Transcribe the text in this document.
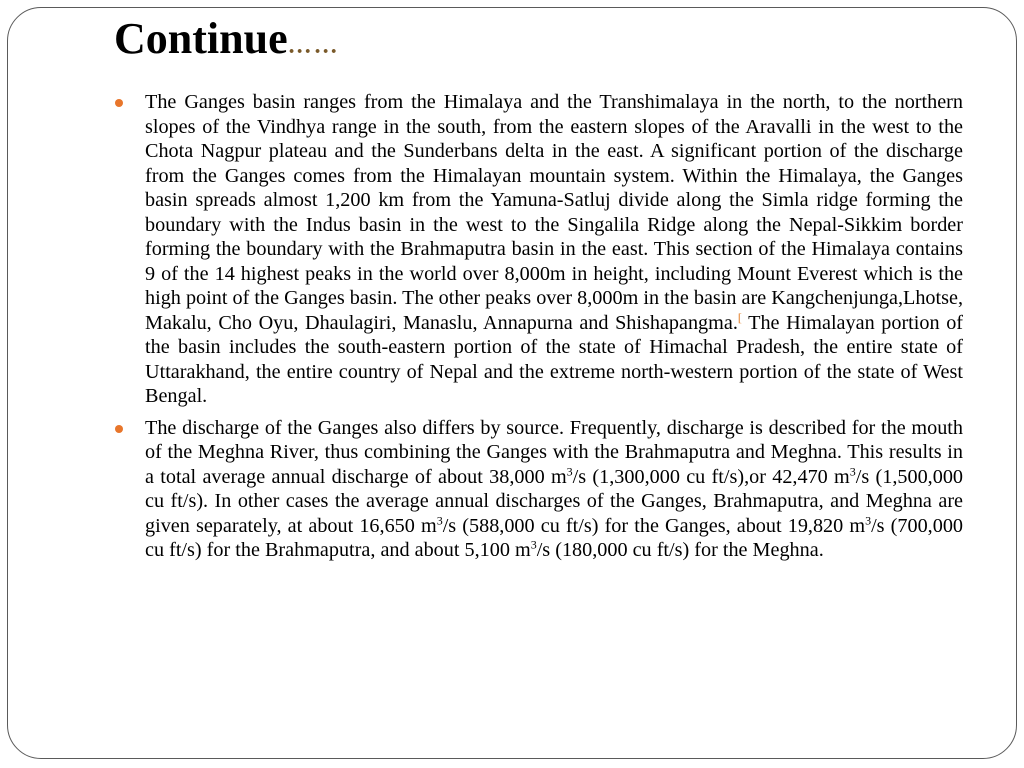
Continue……
The Ganges basin ranges from the Himalaya and the Transhimalaya in the north, to the northern slopes of the Vindhya range in the south, from the eastern slopes of the Aravalli in the west to the Chota Nagpur plateau and the Sunderbans delta in the east. A significant portion of the discharge from the Ganges comes from the Himalayan mountain system. Within the Himalaya, the Ganges basin spreads almost 1,200 km from the Yamuna-Satluj divide along the Simla ridge forming the boundary with the Indus basin in the west to the Singalila Ridge along the Nepal-Sikkim border forming the boundary with the Brahmaputra basin in the east. This section of the Himalaya contains 9 of the 14 highest peaks in the world over 8,000m in height, including Mount Everest which is the high point of the Ganges basin. The other peaks over 8,000m in the basin are Kangchenjunga,Lhotse, Makalu, Cho Oyu, Dhaulagiri, Manaslu, Annapurna and Shishapangma.[ The Himalayan portion of the basin includes the south-eastern portion of the state of Himachal Pradesh, the entire state of Uttarakhand, the entire country of Nepal and the extreme north-western portion of the state of West Bengal.
The discharge of the Ganges also differs by source. Frequently, discharge is described for the mouth of the Meghna River, thus combining the Ganges with the Brahmaputra and Meghna. This results in a total average annual discharge of about 38,000 $m^3/s$ (1,300,000 cu ft/s),or 42,470 $m^3/s$ (1,500,000 cu ft/s). In other cases the average annual discharges of the Ganges, Brahmaputra, and Meghna are given separately, at about 16,650 $m^3/s$ (588,000 cu ft/s) for the Ganges, about 19,820 $m^3/s$ (700,000 cu ft/s) for the Brahmaputra, and about 5,100 $m^3/s$ (180,000 cu ft/s) for the Meghna.
